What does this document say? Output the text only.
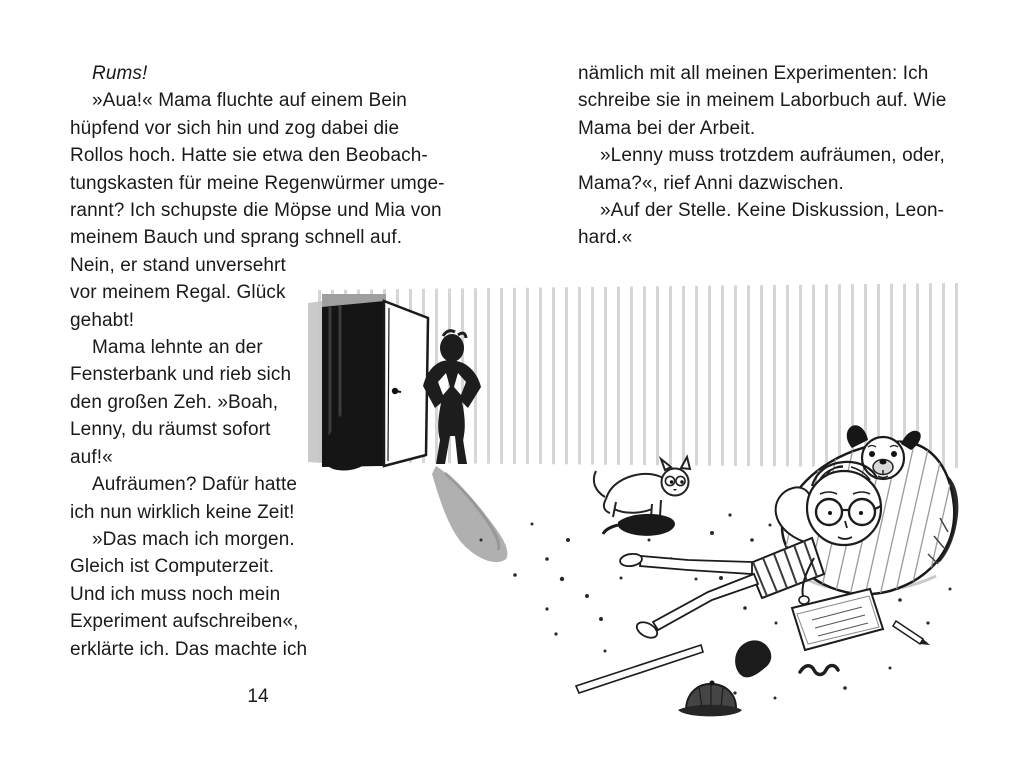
Rums!
»Aua!« Mama fluchte auf einem Bein
hüpfend vor sich hin und zog dabei die
Rollos hoch. Hatte sie etwa den Beobach-
tungskasten für meine Regenwürmer umge-
rannt? Ich schupste die Möpse und Mia von
meinem Bauch und sprang schnell auf.
Nein, er stand unversehrt
vor meinem Regal. Glück
gehabt!
Mama lehnte an der
Fensterbank und rieb sich
den großen Zeh. »Boah,
Lenny, du räumst sofort
auf!«
Aufräumen? Dafür hatte
ich nun wirklich keine Zeit!
»Das mach ich morgen.
Gleich ist Computerzeit.
Und ich muss noch mein
Experiment aufschreiben«,
erklärte ich. Das machte ich
nämlich mit all meinen Experimenten: Ich
schreibe sie in meinem Laborbuch auf. Wie
Mama bei der Arbeit.
»Lenny muss trotzdem aufräumen, oder,
Mama?«, rief Anni dazwischen.
»Auf der Stelle. Keine Diskussion, Leon-
hard.«
14
